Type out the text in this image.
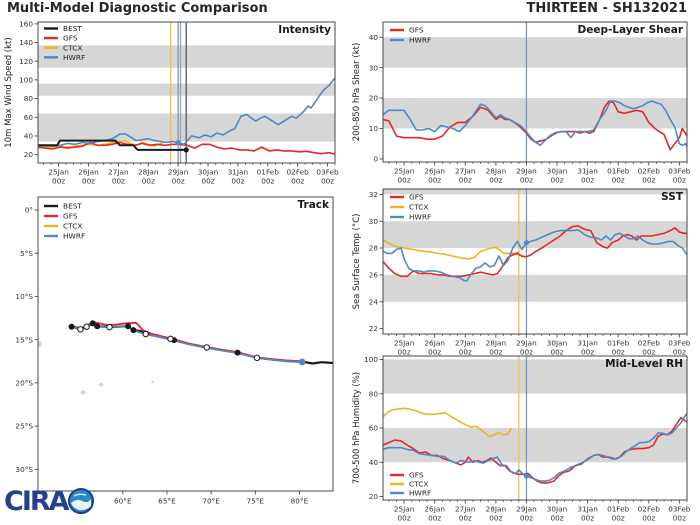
Multi-Model Diagnostic Comparison	THIRTEEN - SH132021
25Jan
00z
26Jan
00z
27Jan
00z
28Jan
00z
29Jan
00z
30Jan
00z
31Jan
00z
01Feb
00z
02Feb
00z
03Feb
00z
20
40
60
80
100
120
140
160
10m Max Wind Speed (kt)
Intensity
BEST
GFS
CTCX
HWRF
25Jan
00z
26Jan
00z
27Jan
00z
28Jan
00z
29Jan
00z
30Jan
00z
31Jan
00z
01Feb
00z
02Feb
00z
03Feb
00z
0
10
20
30
40
200-850 hPa Shear (kt)
Deep-Layer Shear
GFS
HWRF
25Jan
00z
26Jan
00z
27Jan
00z
28Jan
00z
29Jan
00z
30Jan
00z
31Jan
00z
01Feb
00z
02Feb
00z
03Feb
00z
22
24
26
28
30
32
Sea Surface Temp (°C)
SST
GFS
CTCX
HWRF
25Jan
00z
26Jan
00z
27Jan
00z
28Jan
00z
29Jan
00z
30Jan
00z
31Jan
00z
01Feb
00z
02Feb
00z
03Feb
00z
20
40
60
80
100
700-500 hPa Humidity (%)
Mid-Level RH
GFS
CTCX
HWRF
60°E	65°E	70°E	75°E	80°E
0°
5°S
10°S
15°S
20°S
25°S
30°S
Track
BEST
GFS
CTCX
HWRF
CIRA
